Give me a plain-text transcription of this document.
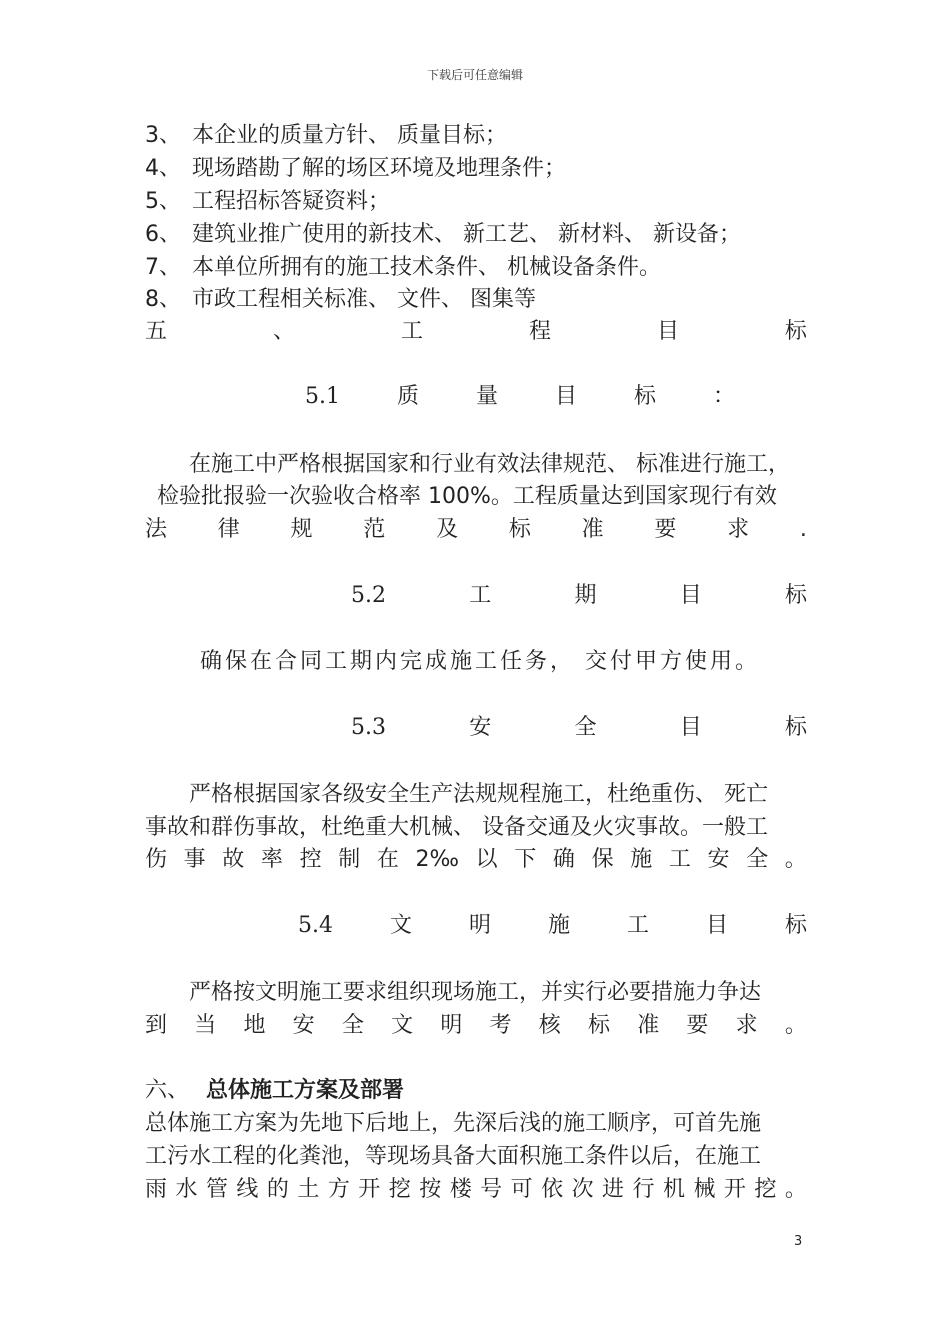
下载后可任意编辑
3、　本企业的质量方针、 质量目标；
4、　现场踏勘了解的场区环境及地理条件；
5、　工程招标答疑资料；
6、　建筑业推广使用的新技术、 新工艺、 新材料、 新设备；
7、　本单位所拥有的施工技术条件、 机械设备条件。
8、　市政工程相关标准、 文件、 图集等
五	、	工	程	目	标
5.1	质	量	目	标	：
在施工中严格根据国家和行业有效法律规范、 标准进行施工，
检验批报验一次验收合格率 100%。工程质量达到国家现行有效
法 律 规 范 及 标 准 要 求 .
5.2	工	期	目	标
确保在合同工期内完成施工任务， 交付甲方使用。
5.3	安	全	目	标
严格根据国家各级安全生产法规规程施工，杜绝重伤、 死亡
事故和群伤事故，杜绝重大机械、 设备交通及火灾事故。一般工
伤 事 故 率 控 制 在 2‰ 以 下 确 保 施 工 安 全 。
5.4	文	明	施	工	目	标
严格按文明施工要求组织现场施工，并实行必要措施力争达
到 当 地 安 全 文 明 考 核 标 准 要 求 。
六、 总体施工方案及部署
总体施工方案为先地下后地上，先深后浅的施工顺序，可首先施
工污水工程的化粪池，等现场具备大面积施工条件以后，在施工
雨 水 管 线 的 土 方 开 挖 按 楼 号 可 依 次 进 行 机 械 开 挖 。
3
